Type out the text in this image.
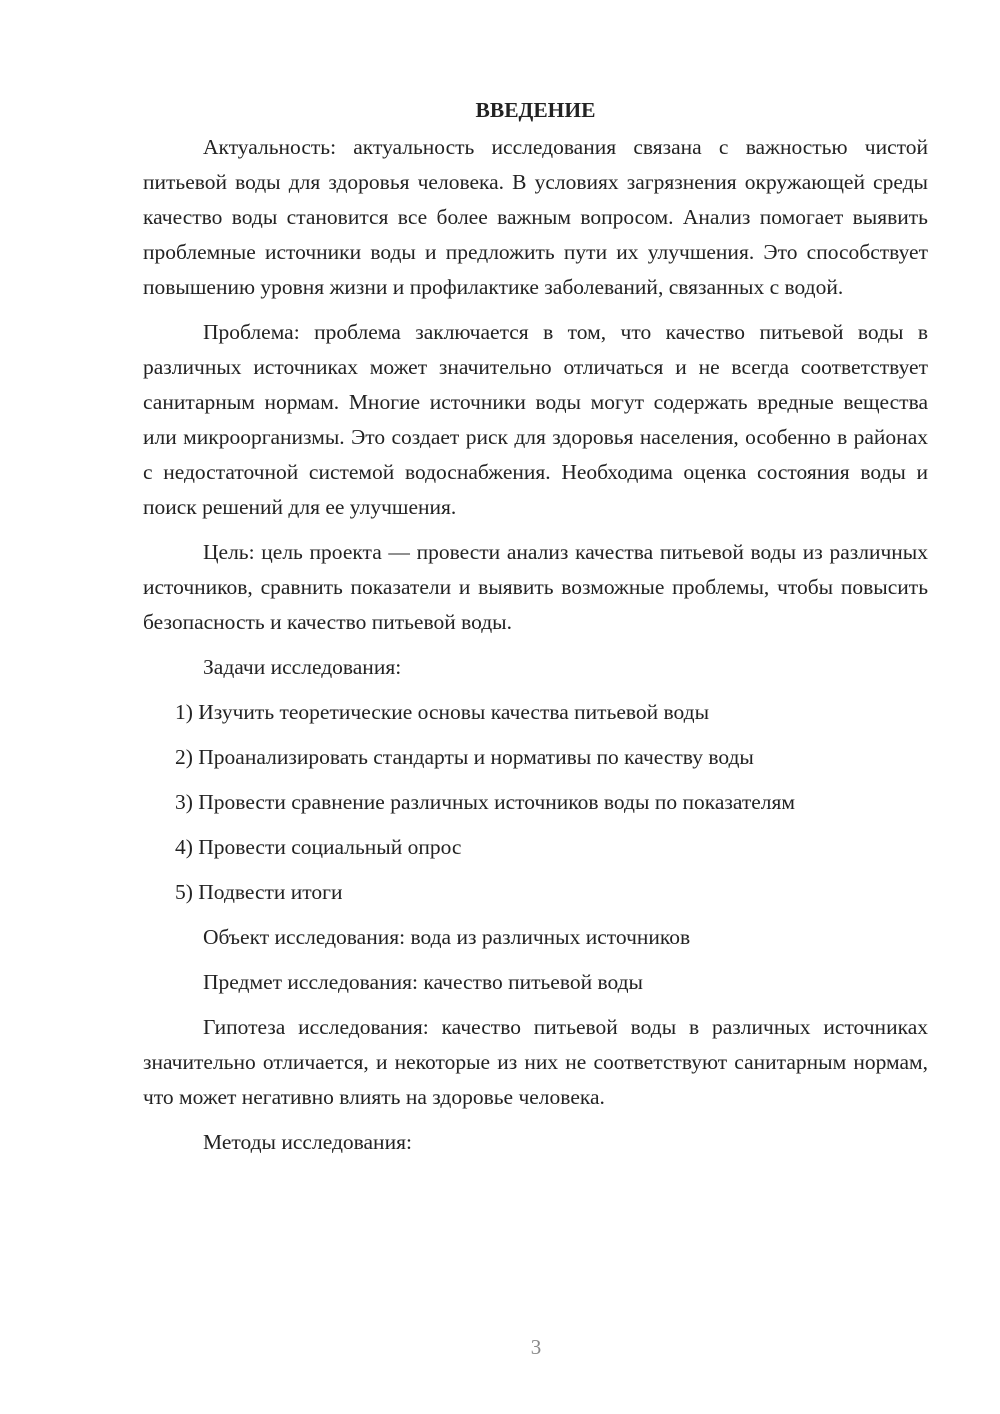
ВВЕДЕНИЕ
Актуальность: актуальность исследования связана с важностью чистой питьевой воды для здоровья человека. В условиях загрязнения окружающей среды качество воды становится все более важным вопросом. Анализ помогает выявить проблемные источники воды и предложить пути их улучшения. Это способствует повышению уровня жизни и профилактике заболеваний, связанных с водой.
Проблема: проблема заключается в том, что качество питьевой воды в различных источниках может значительно отличаться и не всегда соответствует санитарным нормам. Многие источники воды могут содержать вредные вещества или микроорганизмы. Это создает риск для здоровья населения, особенно в районах с недостаточной системой водоснабжения. Необходима оценка состояния воды и поиск решений для ее улучшения.
Цель: цель проекта — провести анализ качества питьевой воды из различных источников, сравнить показатели и выявить возможные проблемы, чтобы повысить безопасность и качество питьевой воды.
Задачи исследования:
1) Изучить теоретические основы качества питьевой воды
2) Проанализировать стандарты и нормативы по качеству воды
3) Провести сравнение различных источников воды по показателям
4) Провести социальный опрос
5) Подвести итоги
Объект исследования: вода из различных источников
Предмет исследования: качество питьевой воды
Гипотеза исследования: качество питьевой воды в различных источниках значительно отличается, и некоторые из них не соответствуют санитарным нормам, что может негативно влиять на здоровье человека.
Методы исследования:
3
